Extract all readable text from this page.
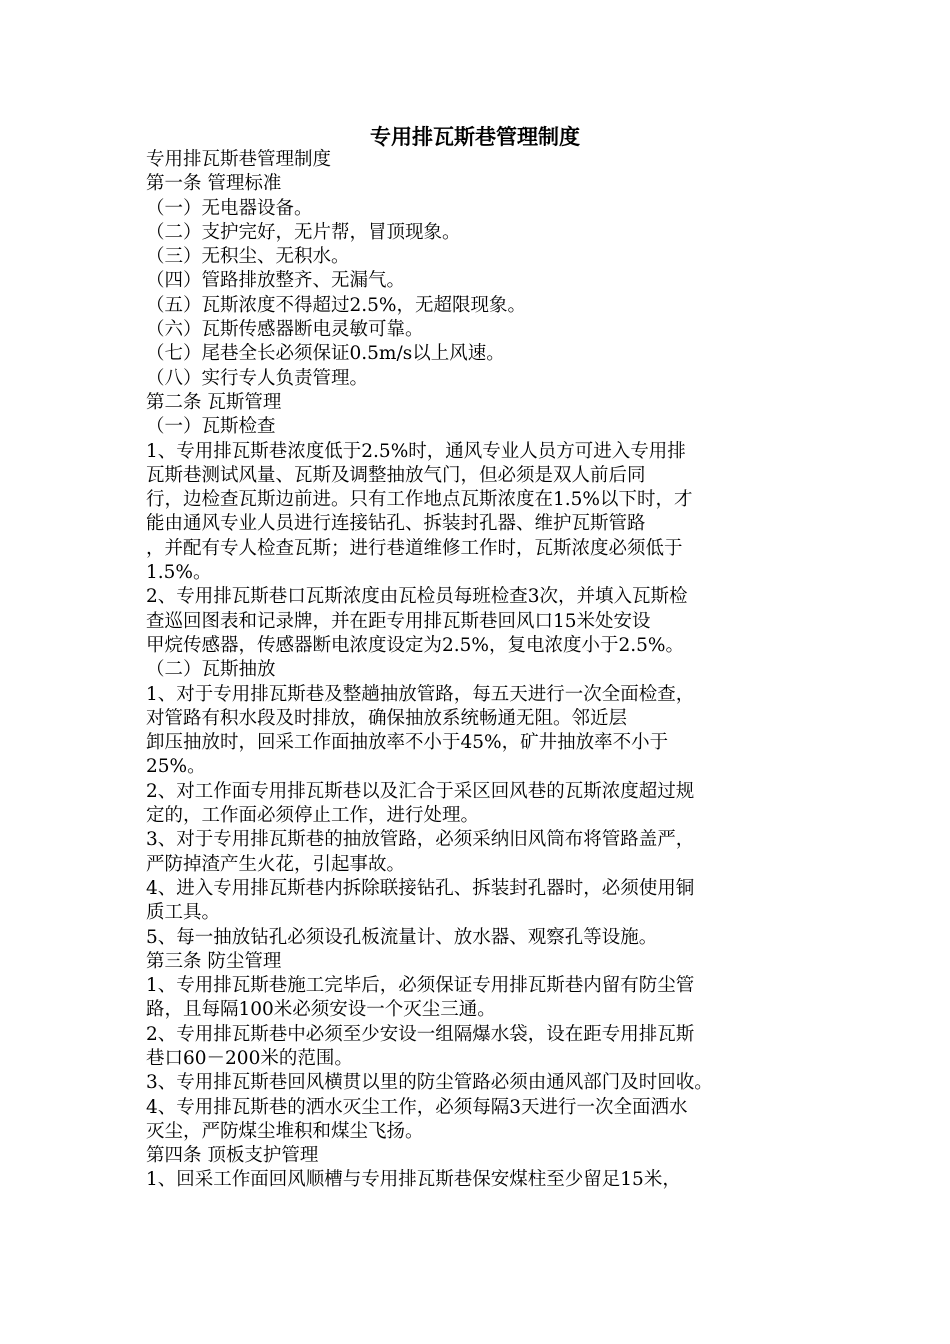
专用排瓦斯巷管理制度

专用排瓦斯巷管理制度

第一条 管理标准

（一）无电器设备。

（二）支护完好，无片帮，冒顶现象。

（三）无积尘、无积水。

（四）管路排放整齐、无漏气。

（五）瓦斯浓度不得超过2.5%，无超限现象。

（六）瓦斯传感器断电灵敏可靠。

（七）尾巷全长必须保证0.5m/s以上风速。

（八）实行专人负责管理。

第二条 瓦斯管理

（一）瓦斯检查

1、专用排瓦斯巷浓度低于2.5%时，通风专业人员方可进入专用排

瓦斯巷测试风量、瓦斯及调整抽放气门，但必须是双人前后同

行，边检查瓦斯边前进。只有工作地点瓦斯浓度在1.5%以下时，才

能由通风专业人员进行连接钻孔、拆装封孔器、维护瓦斯管路

，并配有专人检查瓦斯；进行巷道维修工作时，瓦斯浓度必须低于

1.5%。

2、专用排瓦斯巷口瓦斯浓度由瓦检员每班检查3次，并填入瓦斯检

查巡回图表和记录牌，并在距专用排瓦斯巷回风口15米处安设

甲烷传感器，传感器断电浓度设定为2.5%，复电浓度小于2.5%。

（二）瓦斯抽放

1、对于专用排瓦斯巷及整趟抽放管路，每五天进行一次全面检查，

对管路有积水段及时排放，确保抽放系统畅通无阻。邻近层

卸压抽放时，回采工作面抽放率不小于45%，矿井抽放率不小于

25%。

2、对工作面专用排瓦斯巷以及汇合于采区回风巷的瓦斯浓度超过规

定的，工作面必须停止工作，进行处理。

3、对于专用排瓦斯巷的抽放管路，必须采纳旧风筒布将管路盖严，

严防掉渣产生火花，引起事故。

4、进入专用排瓦斯巷内拆除联接钻孔、拆装封孔器时，必须使用铜

质工具。

5、每一抽放钻孔必须设孔板流量计、放水器、观察孔等设施。

第三条 防尘管理

1、专用排瓦斯巷施工完毕后，必须保证专用排瓦斯巷内留有防尘管

路，且每隔100米必须安设一个灭尘三通。

2、专用排瓦斯巷中必须至少安设一组隔爆水袋，设在距专用排瓦斯

巷口60－200米的范围。

3、专用排瓦斯巷回风横贯以里的防尘管路必须由通风部门及时回收。

4、专用排瓦斯巷的洒水灭尘工作，必须每隔3天进行一次全面洒水

灭尘，严防煤尘堆积和煤尘飞扬。

第四条 顶板支护管理

1、回采工作面回风顺槽与专用排瓦斯巷保安煤柱至少留足15米，
